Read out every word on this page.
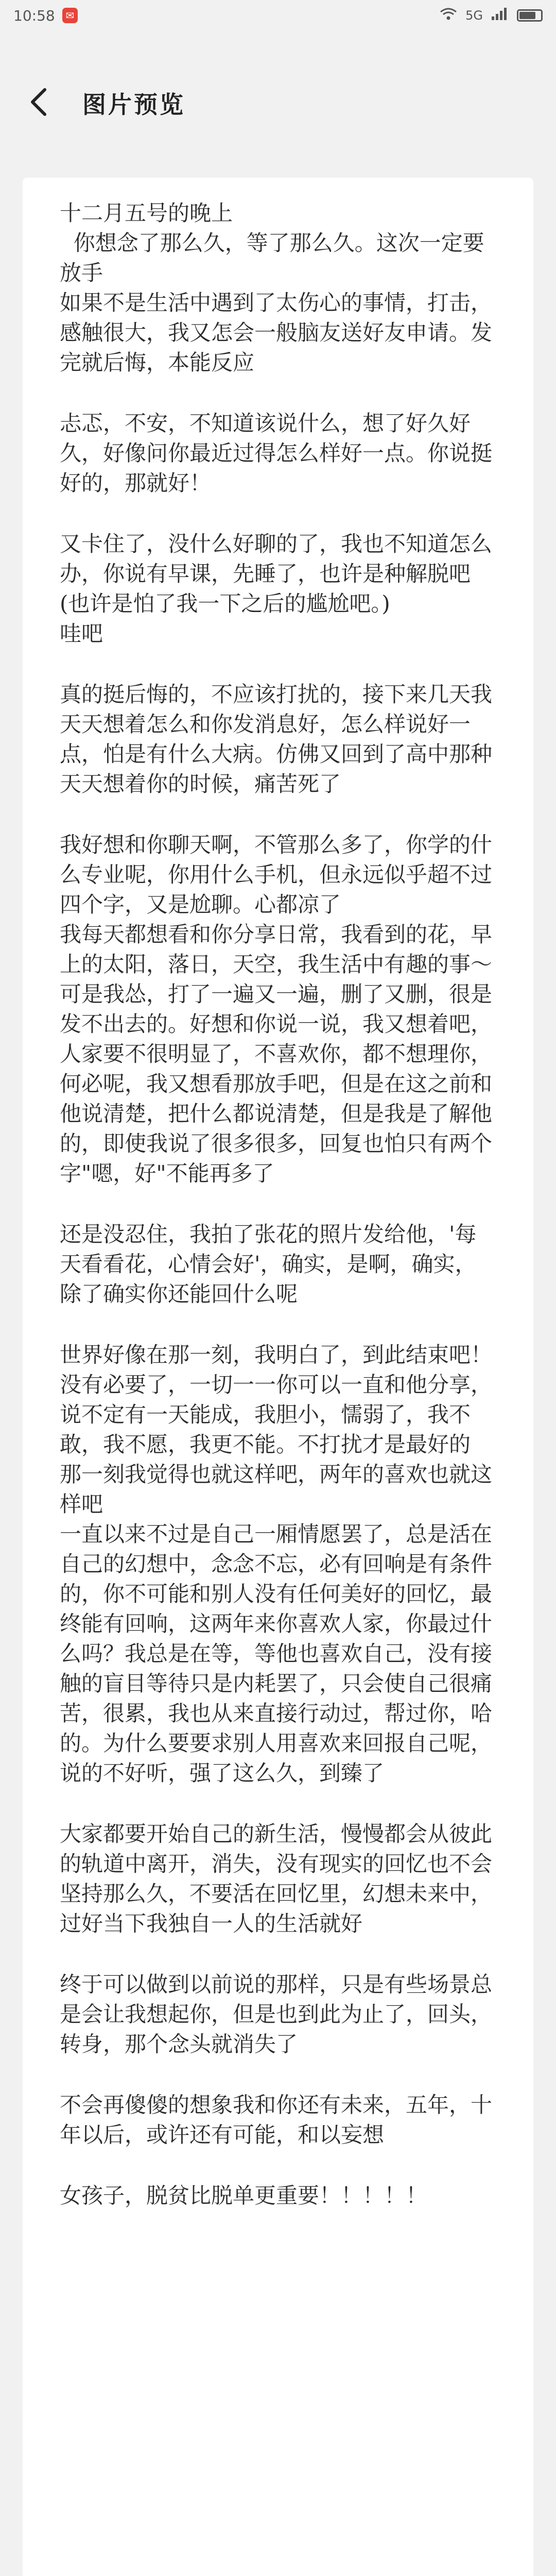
10:58	✉	5G
图片预览

十二月五号的晚上
你想念了那么久，等了那么久。这次一定要放手
如果不是生活中遇到了太伤心的事情，打击，感触很大，我又怎会一般脑友送好友申请。发完就后悔，本能反应

忐忑，不安，不知道该说什么，想了好久好久，好像问你最近过得怎么样好一点。你说挺好的，那就好！

又卡住了，没什么好聊的了，我也不知道怎么办，你说有早课，先睡了，也许是种解脱吧(也许是怕了我一下之后的尴尬吧。)
哇吧

真的挺后悔的，不应该打扰的，接下来几天我天天想着怎么和你发消息好，怎么样说好一点，怕是有什么大病。仿佛又回到了高中那种天天想着你的时候，痛苦死了

我好想和你聊天啊，不管那么多了，你学的什么专业呢，你用什么手机，但永远似乎超不过四个字，又是尬聊。心都凉了
我每天都想看和你分享日常，我看到的花，早上的太阳，落日，天空，我生活中有趣的事～可是我怂，打了一遍又一遍，删了又删，很是发不出去的。好想和你说一说，我又想着吧，人家要不很明显了，不喜欢你，都不想理你，何必呢，我又想看那放手吧，但是在这之前和他说清楚，把什么都说清楚，但是我是了解他的，即使我说了很多很多，回复也怕只有两个字"嗯，好"不能再多了

还是没忍住，我拍了张花的照片发给他，'每天看看花，心情会好'，确实，是啊，确实，除了确实你还能回什么呢

世界好像在那一刻，我明白了，到此结束吧！没有必要了，一切一一你可以一直和他分享，说不定有一天能成，我胆小，懦弱了，我不敢，我不愿，我更不能。不打扰才是最好的
那一刻我觉得也就这样吧，两年的喜欢也就这样吧
一直以来不过是自己一厢情愿罢了，总是活在自己的幻想中，念念不忘，必有回响是有条件的，你不可能和别人没有任何美好的回忆，最终能有回响，这两年来你喜欢人家，你最过什么吗？我总是在等，等他也喜欢自己，没有接触的盲目等待只是内耗罢了，只会使自己很痛苦，很累，我也从来直接行动过，帮过你，哈的。为什么要要求别人用喜欢来回报自己呢，说的不好听，强了这么久，到臻了

大家都要开始自己的新生活，慢慢都会从彼此的轨道中离开，消失，没有现实的回忆也不会坚持那么久，不要活在回忆里，幻想未来中，过好当下我独自一人的生活就好

终于可以做到以前说的那样，只是有些场景总是会让我想起你，但是也到此为止了，回头，转身，那个念头就消失了

不会再傻傻的想象我和你还有未来，五年，十年以后，或许还有可能，和以妄想

女孩子，脱贫比脱单更重要！！！！！
